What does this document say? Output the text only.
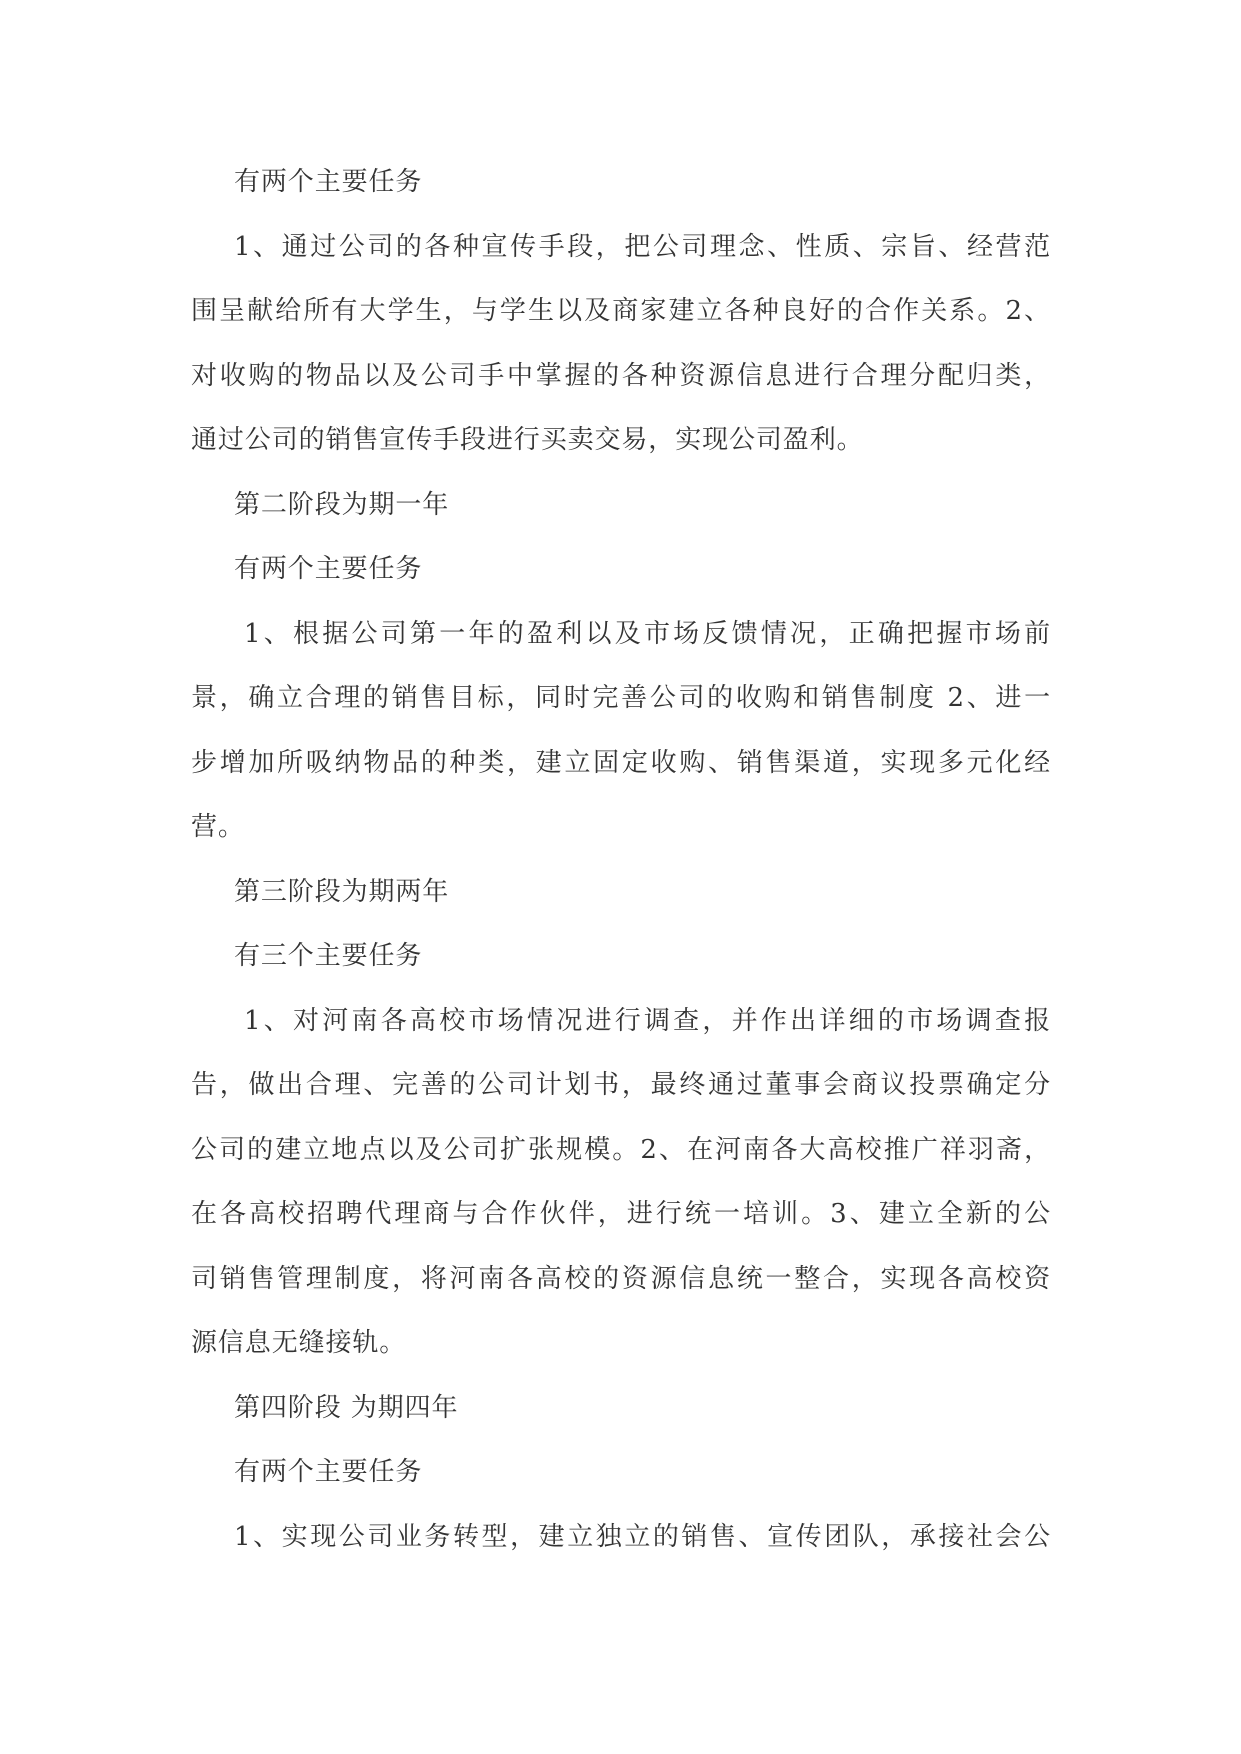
有两个主要任务

1、通过公司的各种宣传手段，把公司理念、性质、宗旨、经营范
围呈献给所有大学生，与学生以及商家建立各种良好的合作关系。2、
对收购的物品以及公司手中掌握的各种资源信息进行合理分配归类，
通过公司的销售宣传手段进行买卖交易，实现公司盈利。

第二阶段为期一年

有两个主要任务

1、根据公司第一年的盈利以及市场反馈情况，正确把握市场前
景，确立合理的销售目标，同时完善公司的收购和销售制度 2、进一
步增加所吸纳物品的种类，建立固定收购、销售渠道，实现多元化经
营。

第三阶段为期两年

有三个主要任务

1、对河南各高校市场情况进行调查，并作出详细的市场调查报
告，做出合理、完善的公司计划书，最终通过董事会商议投票确定分
公司的建立地点以及公司扩张规模。2、在河南各大高校推广祥羽斋，
在各高校招聘代理商与合作伙伴，进行统一培训。3、建立全新的公
司销售管理制度，将河南各高校的资源信息统一整合，实现各高校资
源信息无缝接轨。

第四阶段 为期四年

有两个主要任务

1、实现公司业务转型，建立独立的销售、宣传团队，承接社会公
